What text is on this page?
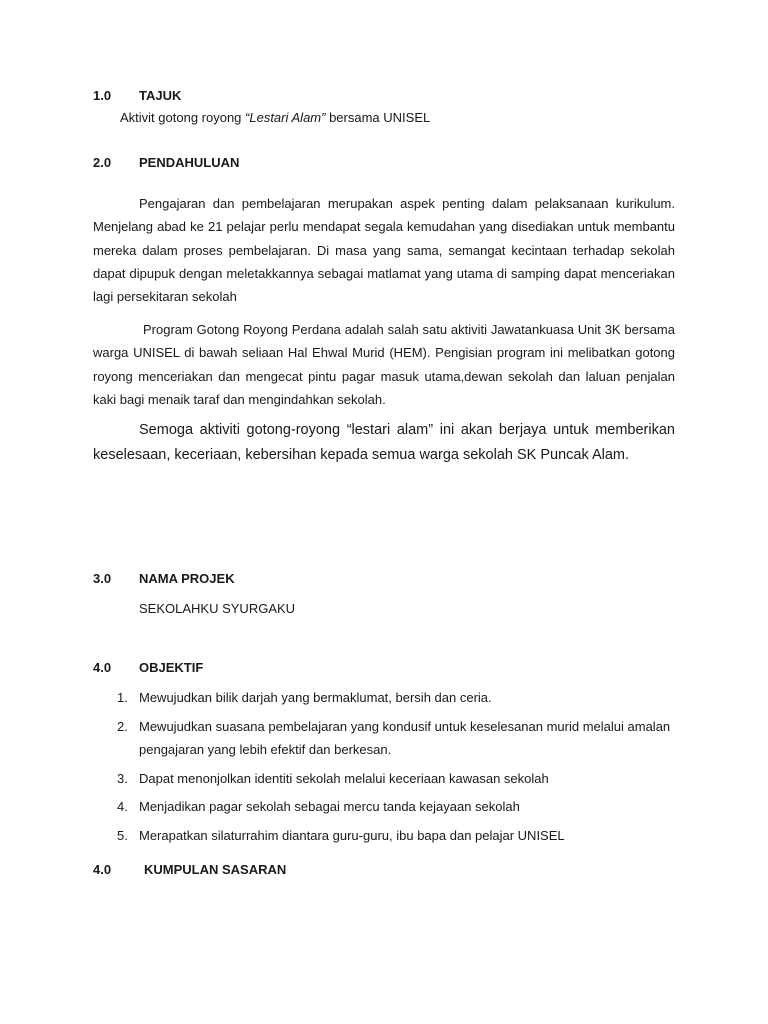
1.0 TAJUK
Aktivit gotong royong “Lestari Alam” bersama UNISEL
2.0 PENDAHULUAN

Pengajaran dan pembelajaran merupakan aspek penting dalam pelaksanaan kurikulum. Menjelang abad ke 21 pelajar perlu mendapat segala kemudahan yang disediakan untuk membantu mereka dalam proses pembelajaran. Di masa yang sama, semangat kecintaan terhadap sekolah dapat dipupuk dengan meletakkannya sebagai matlamat yang utama di samping dapat menceriakan lagi persekitaran sekolah

Program Gotong Royong Perdana adalah salah satu aktiviti Jawatankuasa Unit 3K bersama warga UNISEL di bawah seliaan Hal Ehwal Murid (HEM). Pengisian program ini melibatkan gotong royong menceriakan dan mengecat pintu pagar masuk utama,dewan sekolah dan laluan penjalan kaki bagi menaik taraf dan mengindahkan sekolah.

Semoga aktiviti gotong-royong “lestari alam” ini akan berjaya untuk memberikan keselesaan, keceriaan, kebersihan kepada semua warga sekolah SK Puncak Alam.

3.0 NAMA PROJEK
SEKOLAHKU SYURGAKU
4.0 OBJEKTIF
1. Mewujudkan bilik darjah yang bermaklumat, bersih dan ceria.
2. Mewujudkan suasana pembelajaran yang kondusif untuk keselesanan murid melalui amalan pengajaran yang lebih efektif dan berkesan.
3. Dapat menonjolkan identiti sekolah melalui keceriaan kawasan sekolah
4. Menjadikan pagar sekolah sebagai mercu tanda kejayaan sekolah
5. Merapatkan silaturrahim diantara guru-guru, ibu bapa dan pelajar UNISEL
4.0	KUMPULAN SASARAN
